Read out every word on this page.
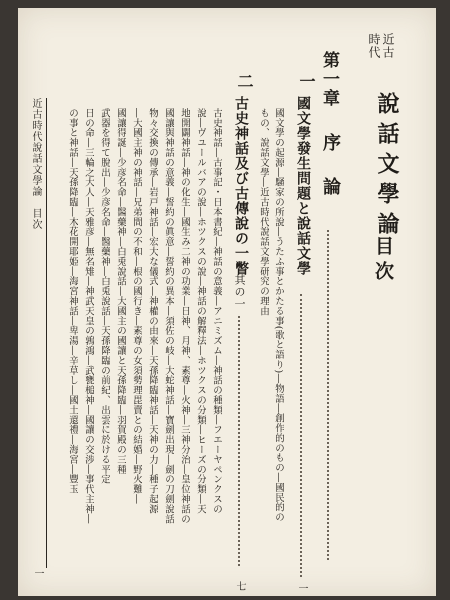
近古
時代
說話文學論
目次
第一章
序　論
一
國文學發生問題と說話文學
一
國文學の起源―騒家の所說―うたふ事とかたる事(歌と語り)―物語―創作的のもの―國民的の
もの、說話文學―近古時代說話文學研究の理由
二
古史神話及び古傳說の一瞥
其の一
七
古史神話―古事記・日本書紀―神話の意義―アニミズム―神話の種類―フエーヤペンクスの
說―ヴユールバアの說―ホツクスの說―神話の解釋法―ホツクスの分類―ヒーズの分類―天
地開闢神話―神の化生―國生み二神の功業―日神、月神、素尊―火神―三神分治―皇位神話の
國讓與神話の意義―誓約の眞意―誓約の異本―須佐の岐―大蛇神話―寶劍出現―劍の刀劍說話
物々交換の傳承―岩戸神話―宏大な儀式―神權の由來―天孫降臨神話―天神の力―種子起源
―大國主神の神話―兄弟間の不和―根の國行き―素尊の女須勢理毘賣との結婚―野火難―
國讓得誕―少彦名命―醫藥神―白兎說話―大國主の國讓と天孫降臨―羽賀殿の三種
武器を得て脫出―少彦名命―醫藥神―白兎說話―天孫降臨の前紀、出雲に於ける平定
日の命―三輪之大人―天雅彦―無名雉―神武天皇の鶉鴻―武甕槌神―國讓の交渉―事代主神―
の事と神話―天孫降臨―木花開耶姫―海宮神話―卑湯―辛草し―國土還禮―海宮―豐玉
近古時代說話文學論　目次
一
